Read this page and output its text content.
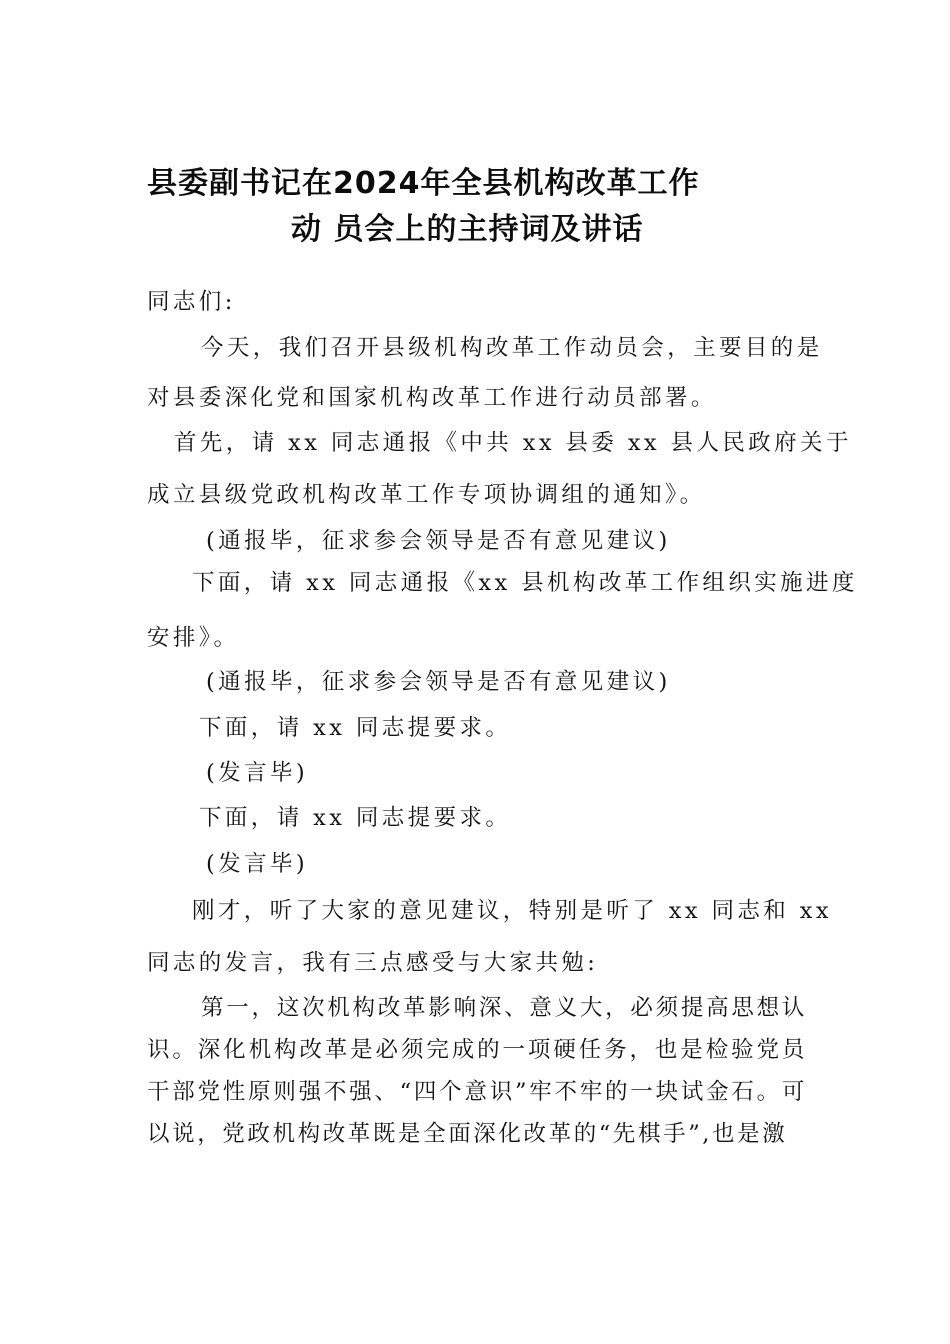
县委副书记在2024年全县机构改革工作
动 员会上的主持词及讲话
同志们:
今天，我们召开县级机构改革工作动员会，主要目的是
对县委深化党和国家机构改革工作进行动员部署。
首先，请 xx 同志通报《中共 xx 县委 xx 县人民政府关于
成立县级党政机构改革工作专项协调组的通知》。
(通报毕，征求参会领导是否有意见建议)
下面，请 xx 同志通报《xx 县机构改革工作组织实施进度
安排》。
(通报毕，征求参会领导是否有意见建议)
下面，请 xx 同志提要求。
(发言毕)
下面，请 xx 同志提要求。
(发言毕)
刚才，听了大家的意见建议，特别是听了 xx 同志和 xx
同志的发言，我有三点感受与大家共勉:
第一，这次机构改革影响深、意义大，必须提高思想认识。深化机构改革是必须完成的一项硬任务，也是检验党员干部党性原则强不强、“四个意识”牢不牢的一块试金石。可以说，党政机构改革既是全面深化改革的“先棋手”,也是激
